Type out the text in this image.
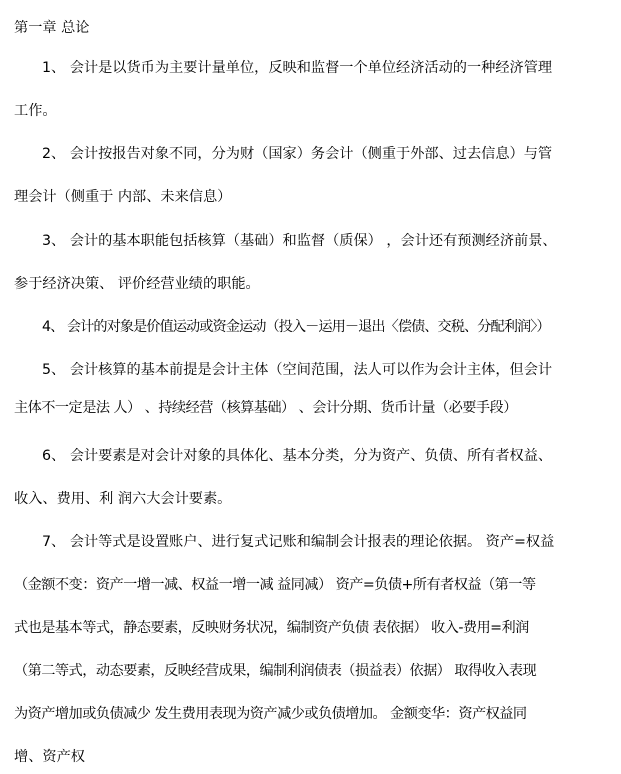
第一章 总论
1、 会计是以货币为主要计量单位，反映和监督一个单位经济活动的一种经济管理
工作。
2、 会计按报告对象不同，分为财（国家）务会计（侧重于外部、过去信息）与管
理会计（侧重于 内部、未来信息）
3、 会计的基本职能包括核算（基础）和监督（质保） ，会计还有预测经济前景、
参于经济决策、 评价经营业绩的职能。
4、 会计的对象是价值运动或资金运动（投入－运用－退出〈偿债、交税、分配利润〉）
5、 会计核算的基本前提是会计主体（空间范围，法人可以作为会计主体，但会计
主体不一定是法 人） 、持续经营（核算基础） 、会计分期、货币计量（必要手段）
6、 会计要素是对会计对象的具体化、基本分类，分为资产、负债、所有者权益、
收入、费用、利 润六大会计要素。
7、 会计等式是设置账户、进行复式记账和编制会计报表的理论依据。 资产=权益
（金额不变：资产一增一减、权益一增一减 益同减） 资产=负债+所有者权益（第一等
式也是基本等式，静态要素，反映财务状况，编制资产负债 表依据） 收入-费用=利润
（第二等式，动态要素，反映经营成果，编制利润债表（损益表）依据） 取得收入表现
为资产增加或负债减少 发生费用表现为资产减少或负债增加。 金额变华：资产权益同
增、资产权
